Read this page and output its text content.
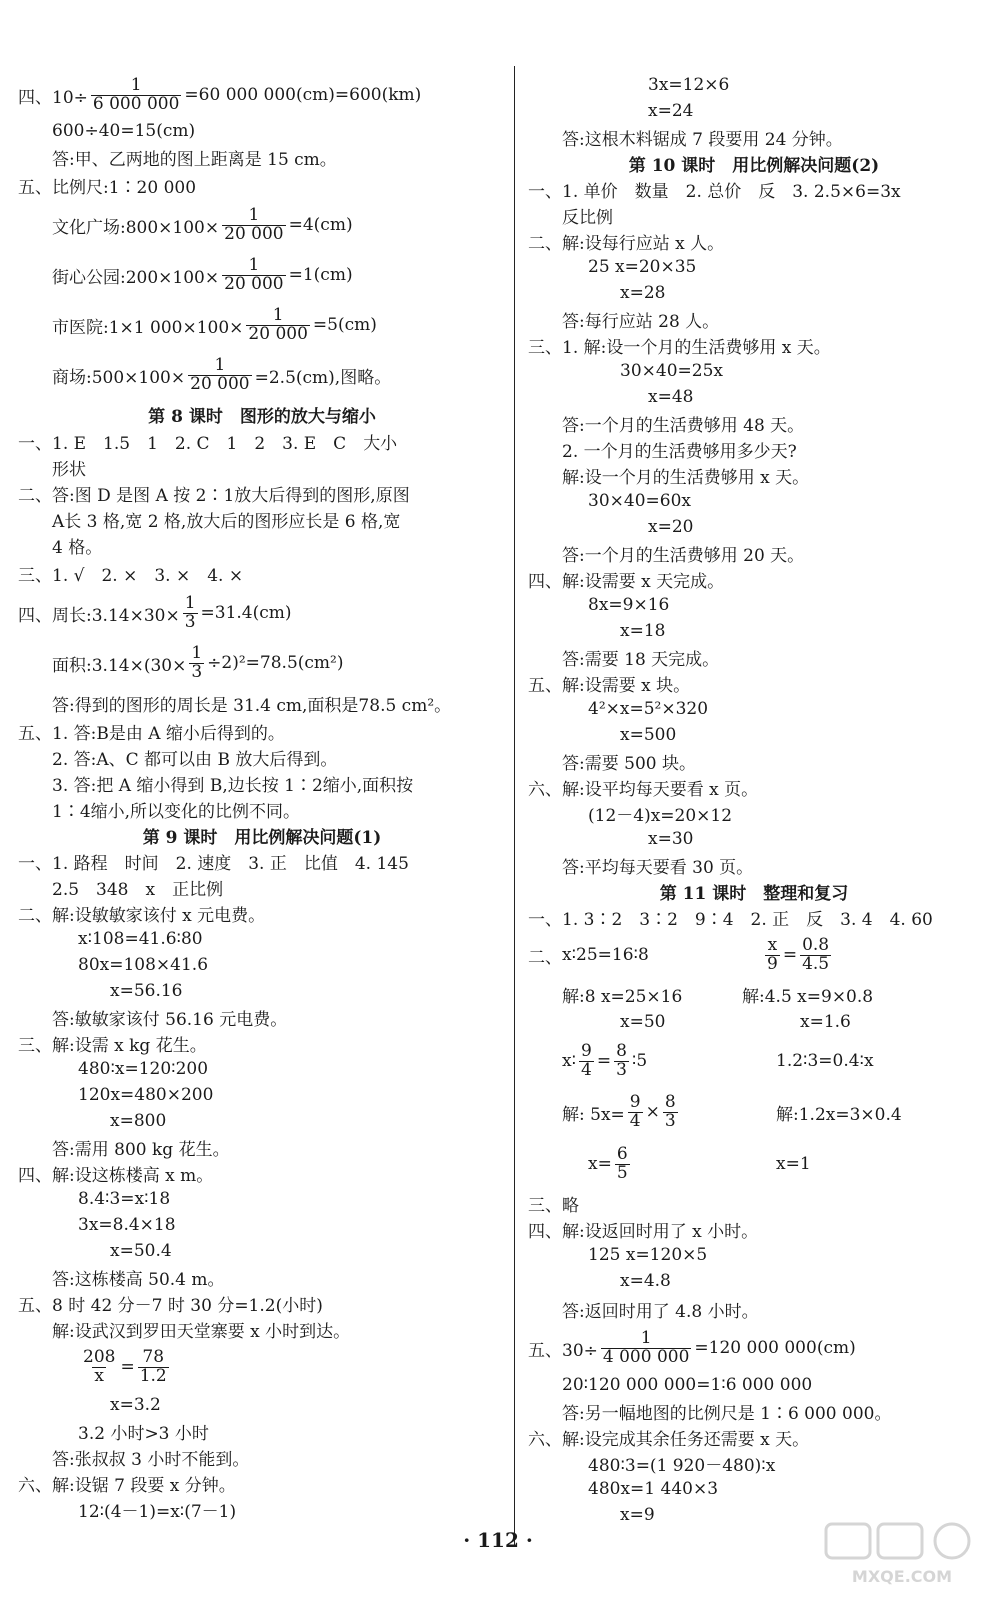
四、$10\div \frac{1}{6 000 000} =60$ 000 000(cm)=600(km)
600÷40=15(cm)
答:甲、乙两地的图上距离是 15 cm。
五、比例尺:1∶20 000
文化广场:800×100× $\frac{1}{20 000} =4(cm)$
街心公园:200×100× $\frac{1}{20 000} =1(cm)$
市医院:1×1 $000\times 100\times \frac{1}{20 000} =5(cm)$
商场:500×100× $\frac{1}{20 000} =2.5(cm)$,图略。
第 8 课时　图形的放大与缩小
一、1. E　1.5　1　2. C　1　2　3. E　C　大小
形状
二、答:图 D 是图 A 按 2∶1放大后得到的图形,原图
A长 3 格,宽 2 格,放大后的图形应长是 6 格,宽
4 格。
三、1. √　2. ×　3. ×　4. ×
四、周长:3.14×30× $\frac{1}{3} =31.4(cm)$
面积:3.14×(30× $\frac{1}{3} \div 2)^2=78.5(cm^2)$
答:得到的图形的周长是 31.4 cm,面积是78.5 cm²。
五、1. 答:B是由 A 缩小后得到的。
2. 答:A、C 都可以由 B 放大后得到。
3. 答:把 A 缩小得到 B,边长按 1∶2缩小,面积按
1∶4缩小,所以变化的比例不同。
第 9 课时　用比例解决问题(1)
一、1. 路程　时间　2. 速度　3. 正　比值　4. 145
2.5　348　x　正比例
二、解:设敏敏家该付 x 元电费。
x∶108=41.6∶80
80x=108×41.6
x=56.16
答:敏敏家该付 56.16 元电费。
三、解:设需 x kg 花生。
480∶x=120∶200
120x=480×200
x=800
答:需用 800 kg 花生。
四、解:设这栋楼高 x m。
8.4∶3=x∶18
3x=8.4×18
x=50.4
答:这栋楼高 50.4 m。
五、8 时 42 分－7 时 30 分=1.2(小时)
解:设武汉到罗田天堂寨要 x 小时到达。
$\frac{208}{x} = \frac{78}{1.2}$
x=3.2
3.2 小时>3 小时
答:张叔叔 3 小时不能到。
六、解:设锯 7 段要 x 分钟。
12∶(4－1)=x∶(7－1)
3x=12×6
x=24
答:这根木料锯成 7 段要用 24 分钟。
第 10 课时　用比例解决问题(2)
一、1. 单价　数量　2. 总价　反　3. 2.5×6=3x
反比例
二、解:设每行应站 x 人。
25 x=20×35
x=28
答:每行应站 28 人。
三、1. 解:设一个月的生活费够用 x 天。
30×40=25x
x=48
答:一个月的生活费够用 48 天。
2. 一个月的生活费够用多少天?
解:设一个月的生活费够用 x 天。
30×40=60x
x=20
答:一个月的生活费够用 20 天。
四、解:设需要 x 天完成。
8x=9×16
x=18
答:需要 18 天完成。
五、解:设需要 x 块。
4²×x=5²×320
x=500
答:需要 500 块。
六、解:设平均每天要看 x 页。
(12－4)x=20×12
x=30
答:平均每天要看 30 页。
第 11 课时　整理和复习
一、1. 3∶2　3∶2　9∶4　2. 正　反　3. 4　4. 60
二、 x∶25=16∶8	$\frac{x}{9} = \frac{0.8}{4.5}$
解:8 x=25×16	解:4.5 x=9×0.8
x=50	x=1.6
x∶ $\frac{9}{4} = \frac{8}{3}$ ∶5	1.2∶3=0.4∶x
解: $5x= \frac{9}{4} \times \frac{8}{3}$	解:1.2x=3×0.4
$x= \frac{6}{5}$	x=1
三、略
四、解:设返回时用了 x 小时。
125 x=120×5
x=4.8
答:返回时用了 4.8 小时。
五、$30\div \frac{1}{4 000 000} =120$ 000 000(cm)
20∶120 000 000=1∶6 000 000
答:另一幅地图的比例尺是 1∶6 000 000。
六、解:设完成其余任务还需要 x 天。
480∶3=(1 920－480)∶x
480x=1 440×3
x=9
· 112 ·
MXQE.COM
